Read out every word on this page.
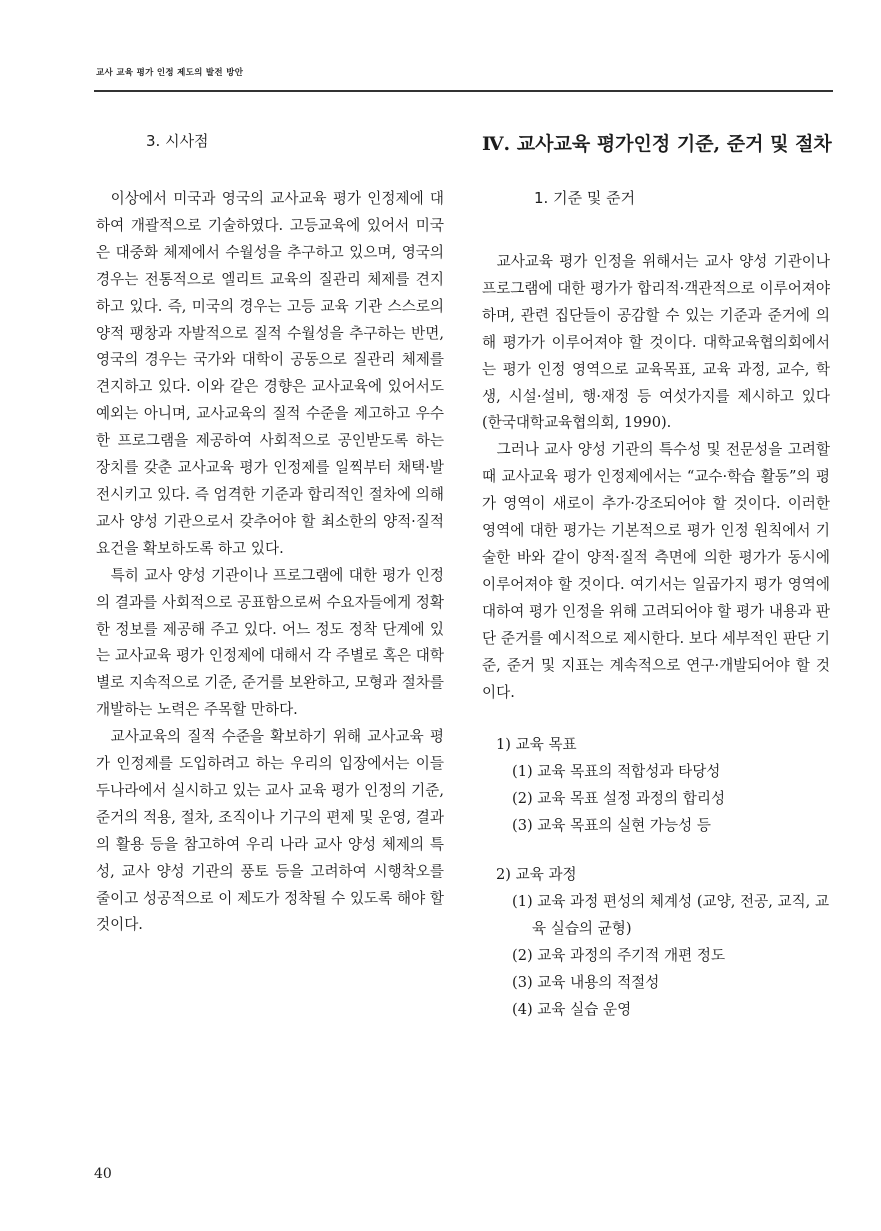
교사 교육 평가 인정 제도의 발전 방안
3. 시사점

이상에서 미국과 영국의 교사교육 평가 인정제에 대하여 개괄적으로 기술하였다. 고등교육에 있어서 미국은 대중화 체제에서 수월성을 추구하고 있으며, 영국의 경우는 전통적으로 엘리트 교육의 질관리 체제를 견지하고 있다. 즉, 미국의 경우는 고등 교육 기관 스스로의 양적 팽창과 자발적으로 질적 수월성을 추구하는 반면, 영국의 경우는 국가와 대학이 공동으로 질관리 체제를 견지하고 있다. 이와 같은 경향은 교사교육에 있어서도 예외는 아니며, 교사교육의 질적 수준을 제고하고 우수한 프로그램을 제공하여 사회적으로 공인받도록 하는 장치를 갖춘 교사교육 평가 인정제를 일찍부터 채택·발전시키고 있다. 즉 엄격한 기준과 합리적인 절차에 의해 교사 양성 기관으로서 갖추어야 할 최소한의 양적·질적 요건을 확보하도록 하고 있다.

특히 교사 양성 기관이나 프로그램에 대한 평가 인정의 결과를 사회적으로 공표함으로써 수요자들에게 정확한 정보를 제공해 주고 있다. 어느 정도 정착 단계에 있는 교사교육 평가 인정제에 대해서 각 주별로 혹은 대학별로 지속적으로 기준, 준거를 보완하고, 모형과 절차를 개발하는 노력은 주목할 만하다.

교사교육의 질적 수준을 확보하기 위해 교사교육 평가 인정제를 도입하려고 하는 우리의 입장에서는 이들 두나라에서 실시하고 있는 교사 교육 평가 인정의 기준, 준거의 적용, 절차, 조직이나 기구의 편제 및 운영, 결과의 활용 등을 참고하여 우리 나라 교사 양성 체제의 특성, 교사 양성 기관의 풍토 등을 고려하여 시행착오를 줄이고 성공적으로 이 제도가 정착될 수 있도록 해야 할 것이다.

Ⅳ. 교사교육 평가인정 기준, 준거 및 절차
1. 기준 및 준거

교사교육 평가 인정을 위해서는 교사 양성 기관이나 프로그램에 대한 평가가 합리적·객관적으로 이루어져야 하며, 관련 집단들이 공감할 수 있는 기준과 준거에 의해 평가가 이루어져야 할 것이다. 대학교육협의회에서는 평가 인정 영역으로 교육목표, 교육 과정, 교수, 학생, 시설·설비, 행·재정 등 여섯가지를 제시하고 있다(한국대학교육협의회, 1990).

그러나 교사 양성 기관의 특수성 및 전문성을 고려할 때 교사교육 평가 인정제에서는 “교수·학습 활동”의 평가 영역이 새로이 추가·강조되어야 할 것이다. 이러한 영역에 대한 평가는 기본적으로 평가 인정 원칙에서 기술한 바와 같이 양적·질적 측면에 의한 평가가 동시에 이루어져야 할 것이다. 여기서는 일곱가지 평가 영역에 대하여 평가 인정을 위해 고려되어야 할 평가 내용과 판단 준거를 예시적으로 제시한다. 보다 세부적인 판단 기준, 준거 및 지표는 계속적으로 연구·개발되어야 할 것이다.

1) 교육 목표
(1) 교육 목표의 적합성과 타당성
(2) 교육 목표 설정 과정의 합리성
(3) 교육 목표의 실현 가능성 등
2) 교육 과정
(1) 교육 과정 편성의 체계성 (교양, 전공, 교직, 교육 실습의 균형)
(2) 교육 과정의 주기적 개편 정도
(3) 교육 내용의 적절성
(4) 교육 실습 운영
40
